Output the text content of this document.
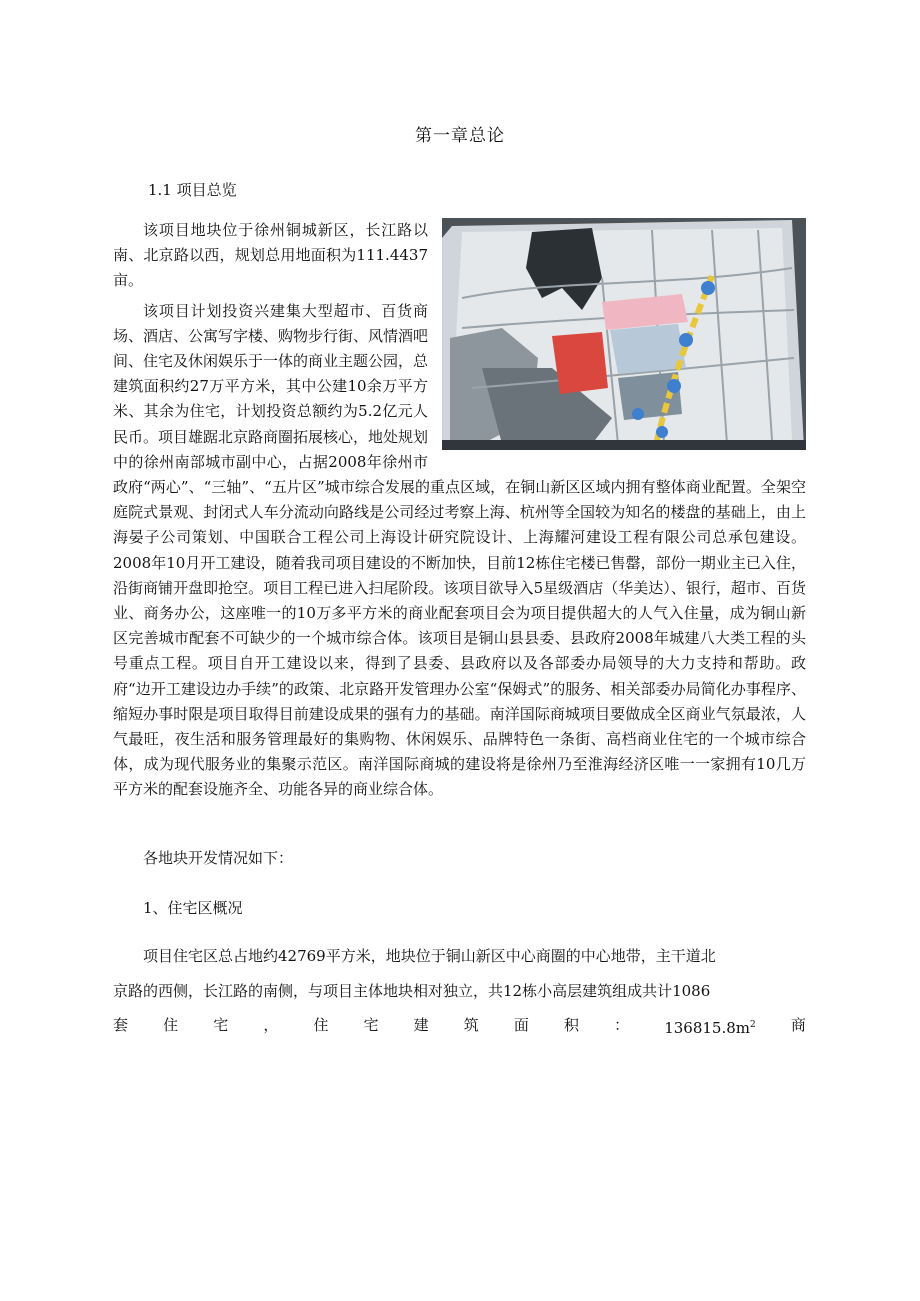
第一章总论
1.1 项目总览

该项目地块位于徐州铜城新区，长江路以南、北京路以西，规划总用地面积为111.4437亩。

该项目计划投资兴建集大型超市、百货商场、酒店、公寓写字楼、购物步行街、风情酒吧间、住宅及休闲娱乐于一体的商业主题公园，总建筑面积约27万平方米，其中公建10余万平方米、其余为住宅，计划投资总额约为5.2亿元人民币。项目雄踞北京路商圈拓展核心，地处规划中的徐州南部城市副中心，占据2008年徐州市政府“两心”、“三轴”、“五片区”城市综合发展的重点区域，在铜山新区区域内拥有整体商业配置。全架空庭院式景观、封闭式人车分流动向路线是公司经过考察上海、杭州等全国较为知名的楼盘的基础上，由上海晏子公司策划、中国联合工程公司上海设计研究院设计、上海耀河建设工程有限公司总承包建设。2008年10月开工建设，随着我司项目建设的不断加快，目前12栋住宅楼已售罄，部份一期业主已入住，沿街商铺开盘即抢空。项目工程已进入扫尾阶段。该项目欲导入5星级酒店（华美达）、银行，超市、百货业、商务办公，这座唯一的10万多平方米的商业配套项目会为项目提供超大的人气入住量，成为铜山新区完善城市配套不可缺少的一个城市综合体。该项目是铜山县县委、县政府2008年城建八大类工程的头号重点工程。项目自开工建设以来，得到了县委、县政府以及各部委办局领导的大力支持和帮助。政府“边开工建设边办手续”的政策、北京路开发管理办公室“保姆式”的服务、相关部委办局简化办事程序、缩短办事时限是项目取得目前建设成果的强有力的基础。南洋国际商城项目要做成全区商业气氛最浓，人气最旺，夜生活和服务管理最好的集购物、休闲娱乐、品牌特色一条街、高档商业住宅的一个城市综合体，成为现代服务业的集聚示范区。南洋国际商城的建设将是徐州乃至淮海经济区唯一一家拥有10几万平方米的配套设施齐全、功能各异的商业综合体。

各地块开发情况如下：

1、住宅区概况

项目住宅区总占地约42769平方米，地块位于铜山新区中心商圈的中心地带，主干道北
京路的西侧，长江路的南侧，与项目主体地块相对独立，共12栋小高层建筑组成共计1086
套 住 宅 ， 住 宅 建 筑 面 积 ： $136815.8m^2$ 商
